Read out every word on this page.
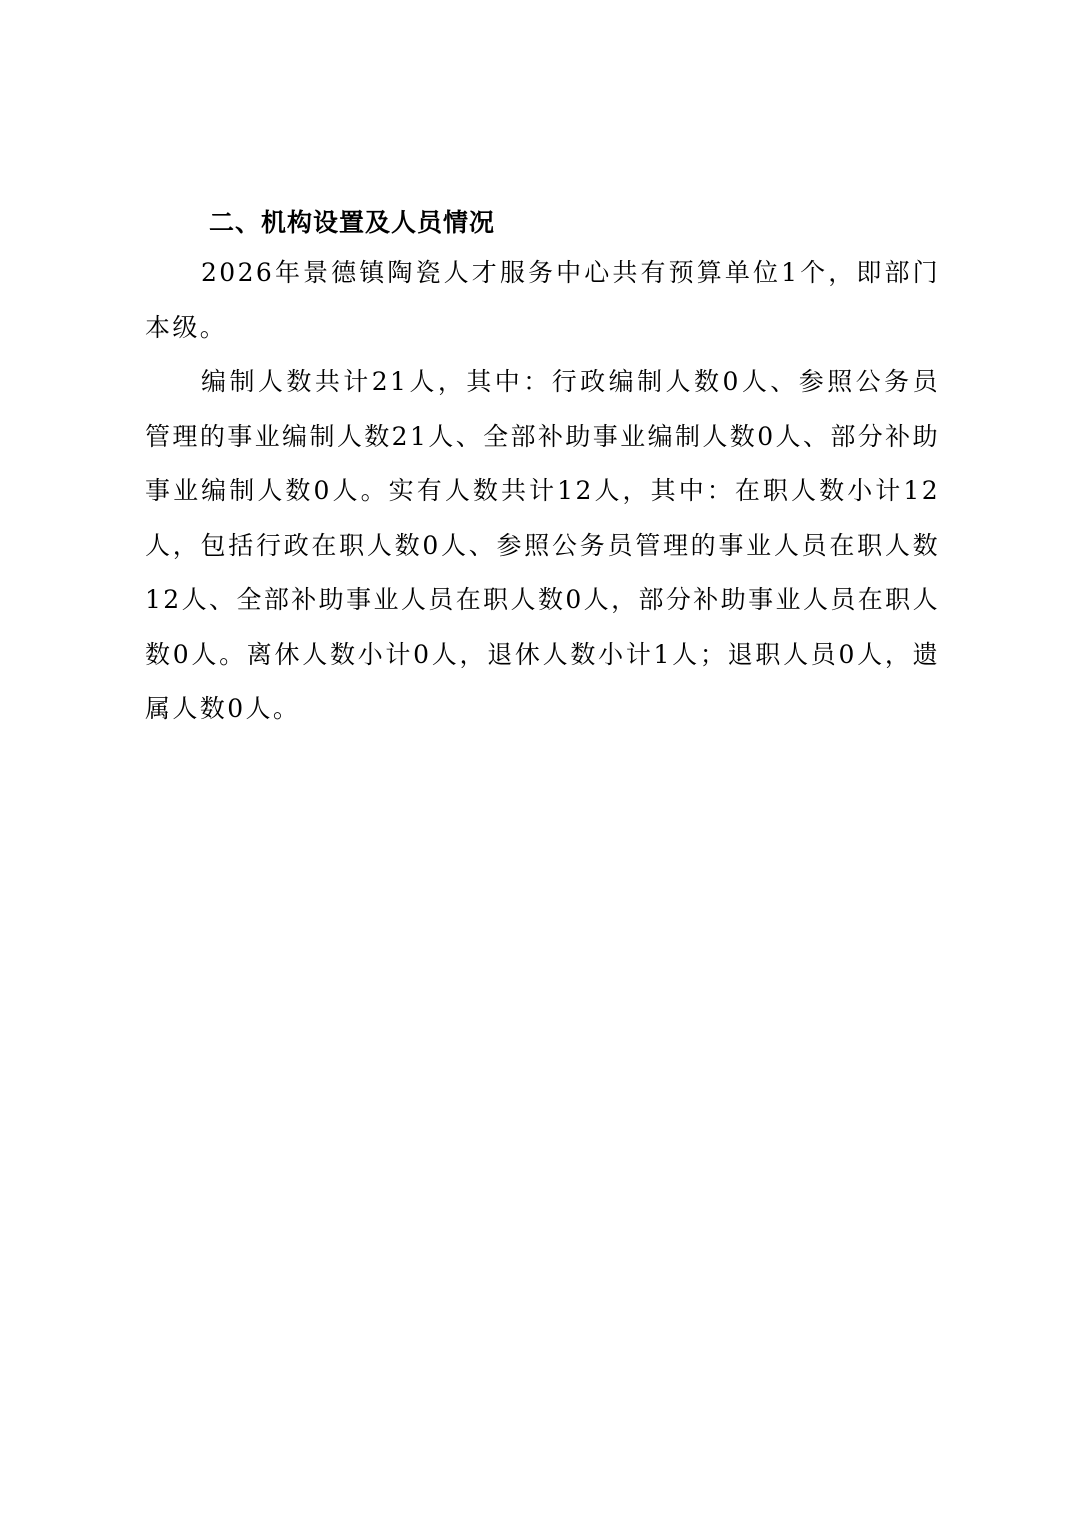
二、机构设置及人员情况

2026年景德镇陶瓷人才服务中心共有预算单位1个，即部门本级。

编制人数共计21人，其中：行政编制人数0人、参照公务员管理的事业编制人数21人、全部补助事业编制人数0人、部分补助事业编制人数0人。实有人数共计12人，其中：在职人数小计12人，包括行政在职人数0人、参照公务员管理的事业人员在职人数12人、全部补助事业人员在职人数0人，部分补助事业人员在职人数0人。离休人数小计0人，退休人数小计1人；退职人员0人，遗属人数0人。
